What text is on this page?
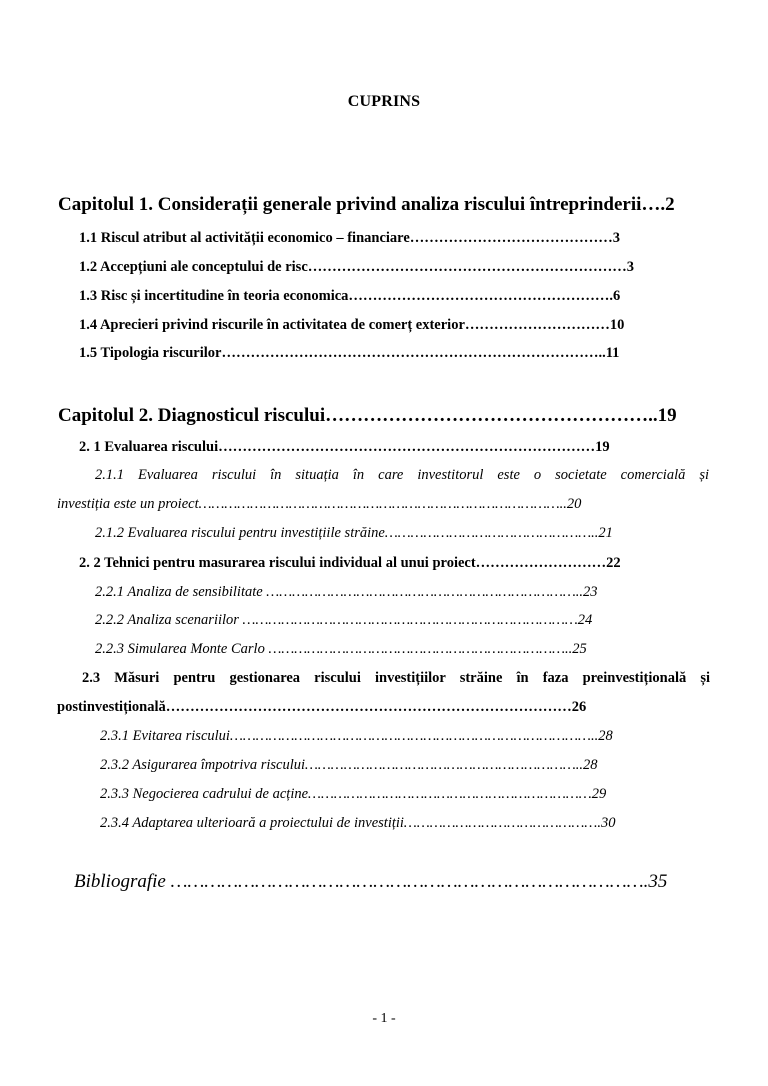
CUPRINS
Capitolul 1. Considerații generale privind analiza riscului întreprinderii….2
1.1 Riscul atribut al activității economico – financiare……………………………………3
1.2 Accepțiuni ale conceptului de risc…………………………………………………………3
1.3 Risc și incertitudine în teoria economica……………………………………………….6
1.4 Aprecieri privind riscurile în activitatea de comerț exterior…………………………10
1.5 Tipologia riscurilor……………………………………………………………………..11
Capitolul 2. Diagnosticul riscului……………………………………………..19
2. 1 Evaluarea riscului……………………………………………………………………19
2.1.1 Evaluarea riscului în situația în care investitorul este o societate comercială și
investiția este un proiect…………………………………………………………………………..20
2.1.2 Evaluarea riscului pentru investițiile străine…………………………………………..21
2. 2 Tehnici pentru masurarea riscului individual al unui proiect………………………22
2.2.1 Analiza de sensibilitate ………………………………………………………………..23
2.2.2 Analiza scenariilor ……………………………………………………………………24
2.2.3 Simularea Monte Carlo ……………………………………………………………..25
2.3 Măsuri pentru gestionarea riscului investițiilor străine în faza preinvestițională și
postinvestițională…………………………………………………………………………26
2.3.1 Evitarea riscului…………………………………………………………………………..28
2.3.2 Asigurarea împotriva riscului………………………………………………………..28
2.3.3 Negocierea cadrului de acține…………………………………………………………29
2.3.4 Adaptarea ulterioară a proiectului de investiții……………………………………….30
Bibliografie ………………………………………………………………………….35
- 1 -
